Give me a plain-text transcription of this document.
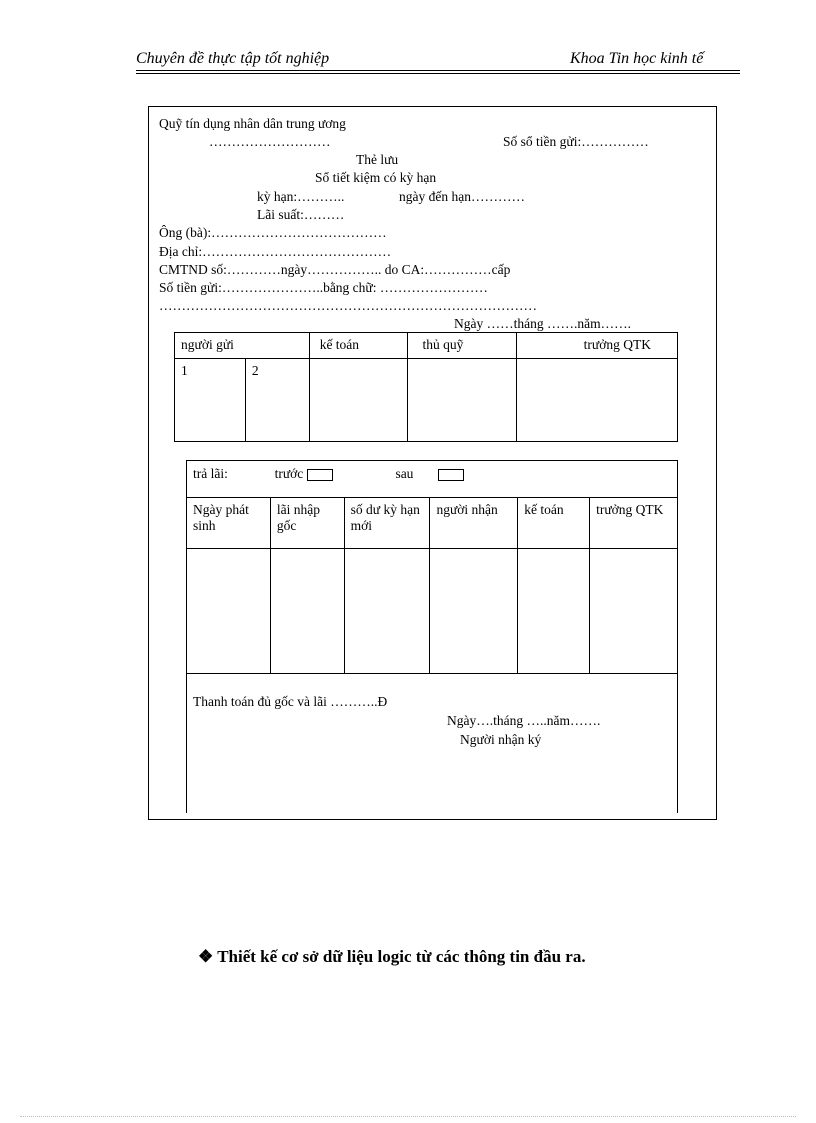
Chuyên đề thực tập tốt nghiệp	Khoa Tin học kinh tế
Quỹ tín dụng nhân dân trung ương
………………………	Số sổ tiền gửi:……………
Thẻ lưu
Sổ tiết kiệm có kỳ hạn
kỳ hạn:………..	ngày đến hạn…………
Lãi suất:………
Ông (bà):…………………………………
Địa chỉ:……………………………………
CMTND số:…………ngày…………….. do CA:……………cấp
Số tiền gửi:…………………..bằng chữ: ……………………
…………………………………………………………………………
Ngày ……tháng …….năm…….
người gửi		kế toán	thủ quỹ	trưởng QTK
1	2			
trả lãi: trước sau					
Ngày phát sinh	lãi nhập gốc	số dư kỳ hạn mới	người nhận	kế toán	trưởng QTK

Thanh toán đủ gốc và lãi ………..Đ
Ngày….tháng …..năm…….
Người nhận ký
❖ Thiết kế cơ sở dữ liệu logic từ các thông tin đầu ra.
